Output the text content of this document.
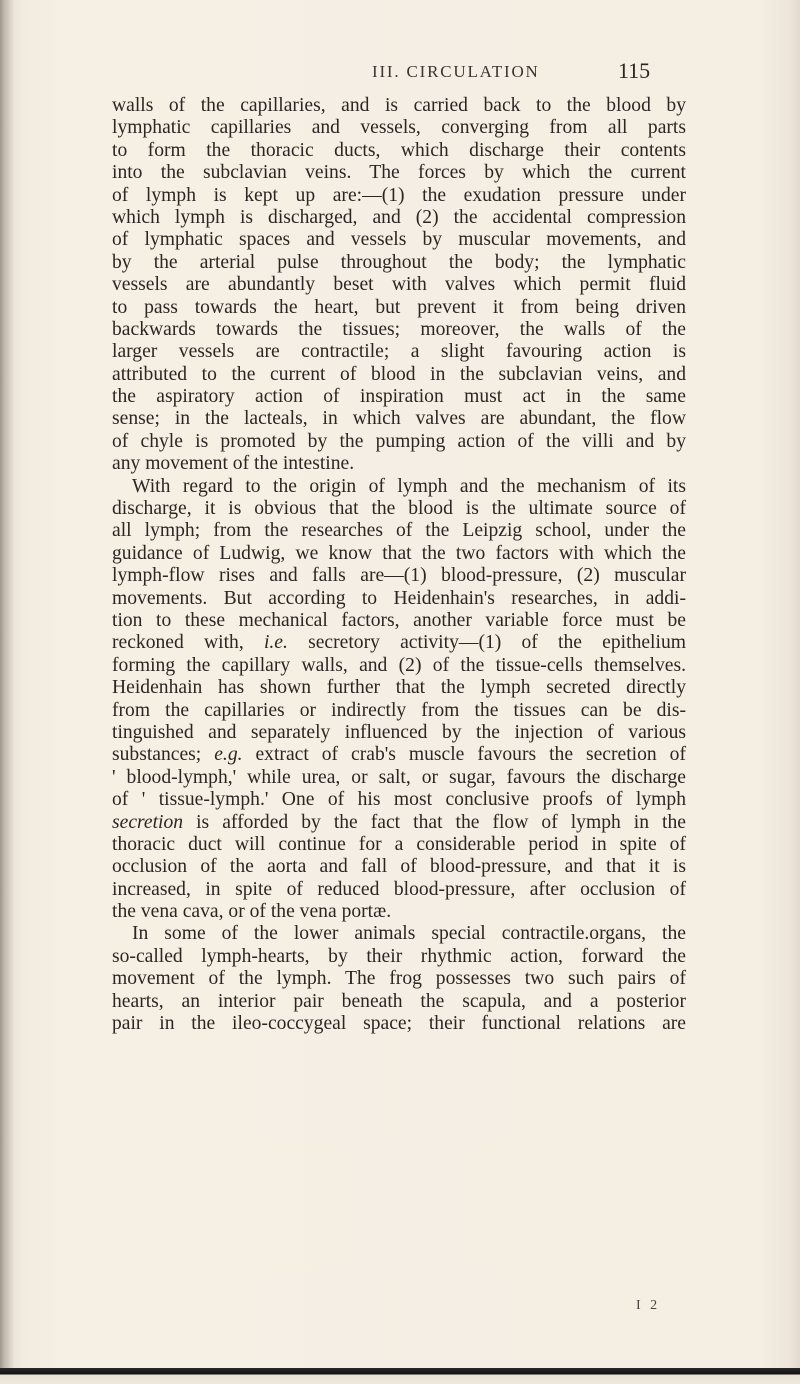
III. CIRCULATION	115
walls of the capillaries, and is carried back to the blood by
lymphatic capillaries and vessels, converging from all parts
to form the thoracic ducts, which discharge their contents
into the subclavian veins. The forces by which the current
of lymph is kept up are:—(1) the exudation pressure under
which lymph is discharged, and (2) the accidental compression
of lymphatic spaces and vessels by muscular movements, and
by the arterial pulse throughout the body; the lymphatic
vessels are abundantly beset with valves which permit fluid
to pass towards the heart, but prevent it from being driven
backwards towards the tissues; moreover, the walls of the
larger vessels are contractile; a slight favouring action is
attributed to the current of blood in the subclavian veins, and
the aspiratory action of inspiration must act in the same
sense; in the lacteals, in which valves are abundant, the flow
of chyle is promoted by the pumping action of the villi and by
any movement of the intestine.
With regard to the origin of lymph and the mechanism of its
discharge, it is obvious that the blood is the ultimate source of
all lymph; from the researches of the Leipzig school, under the
guidance of Ludwig, we know that the two factors with which the
lymph-flow rises and falls are—(1) blood-pressure, (2) muscular
movements. But according to Heidenhain's researches, in addi-
tion to these mechanical factors, another variable force must be
reckoned with, i.e. secretory activity—(1) of the epithelium
forming the capillary walls, and (2) of the tissue-cells themselves.
Heidenhain has shown further that the lymph secreted directly
from the capillaries or indirectly from the tissues can be dis-
tinguished and separately influenced by the injection of various
substances; e.g. extract of crab's muscle favours the secretion of
' blood-lymph,' while urea, or salt, or sugar, favours the discharge
of ' tissue-lymph.' One of his most conclusive proofs of lymph
secretion is afforded by the fact that the flow of lymph in the
thoracic duct will continue for a considerable period in spite of
occlusion of the aorta and fall of blood-pressure, and that it is
increased, in spite of reduced blood-pressure, after occlusion of
the vena cava, or of the vena portæ.
In some of the lower animals special contractile.organs, the
so-called lymph-hearts, by their rhythmic action, forward the
movement of the lymph. The frog possesses two such pairs of
hearts, an interior pair beneath the scapula, and a posterior
pair in the ileo-coccygeal space; their functional relations are
I 2
